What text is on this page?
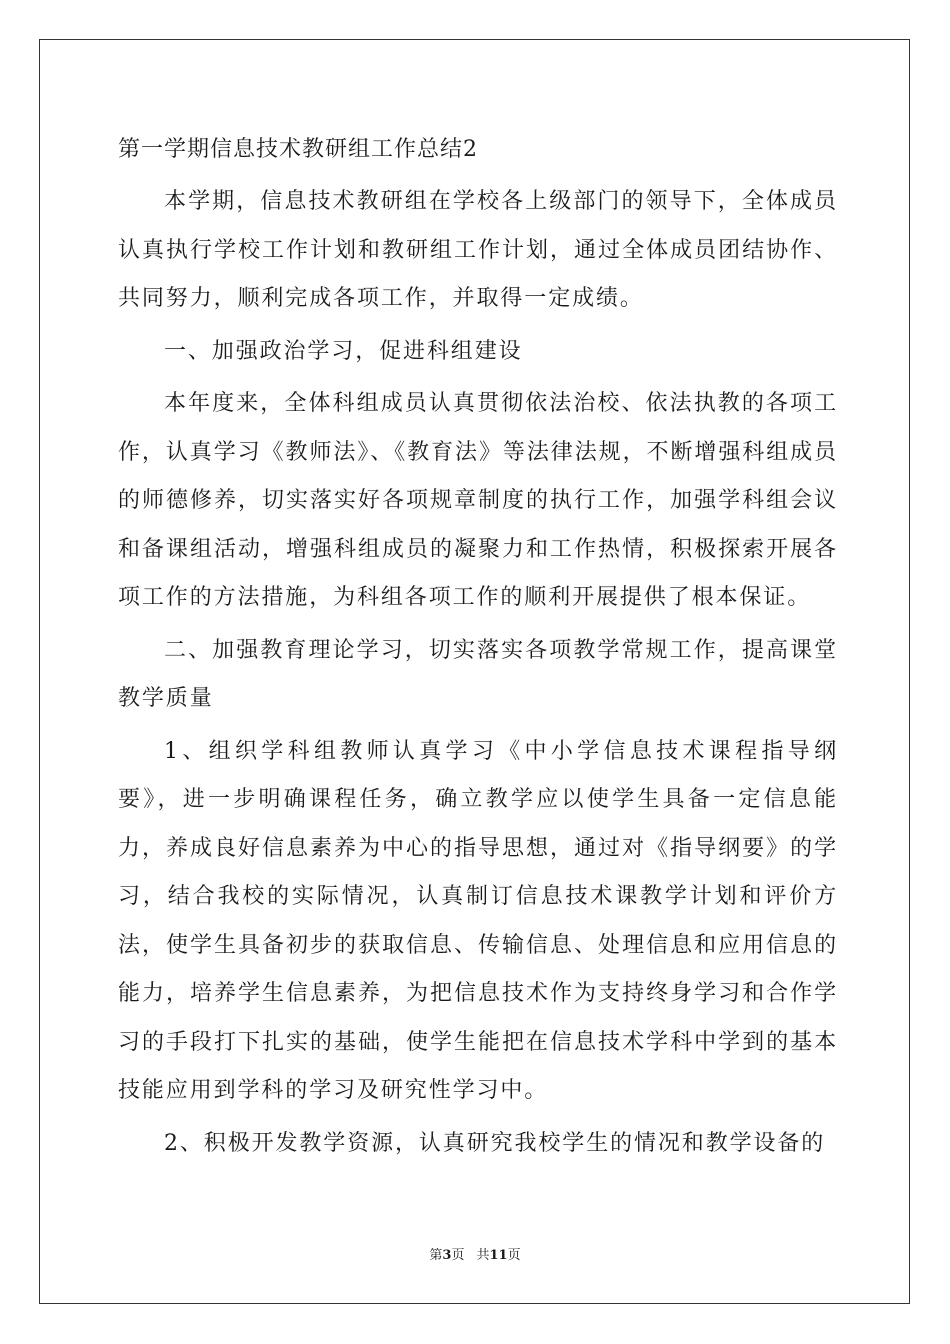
第一学期信息技术教研组工作总结2

本学期，信息技术教研组在学校各上级部门的领导下，全体成员认真执行学校工作计划和教研组工作计划，通过全体成员团结协作、共同努力，顺利完成各项工作，并取得一定成绩。

一、加强政治学习，促进科组建设

本年度来，全体科组成员认真贯彻依法治校、依法执教的各项工作，认真学习《教师法》、《教育法》等法律法规，不断增强科组成员的师德修养，切实落实好各项规章制度的执行工作，加强学科组会议和备课组活动，增强科组成员的凝聚力和工作热情，积极探索开展各项工作的方法措施，为科组各项工作的顺利开展提供了根本保证。

二、加强教育理论学习，切实落实各项教学常规工作，提高课堂教学质量

1、组织学科组教师认真学习《中小学信息技术课程指导纲要》，进一步明确课程任务，确立教学应以使学生具备一定信息能力，养成良好信息素养为中心的指导思想，通过对《指导纲要》的学习，结合我校的实际情况，认真制订信息技术课教学计划和评价方法，使学生具备初步的获取信息、传输信息、处理信息和应用信息的能力，培养学生信息素养，为把信息技术作为支持终身学习和合作学习的手段打下扎实的基础，使学生能把在信息技术学科中学到的基本技能应用到学科的学习及研究性学习中。

2、积极开发教学资源，认真研究我校学生的情况和教学设备的

第3页 共11页
